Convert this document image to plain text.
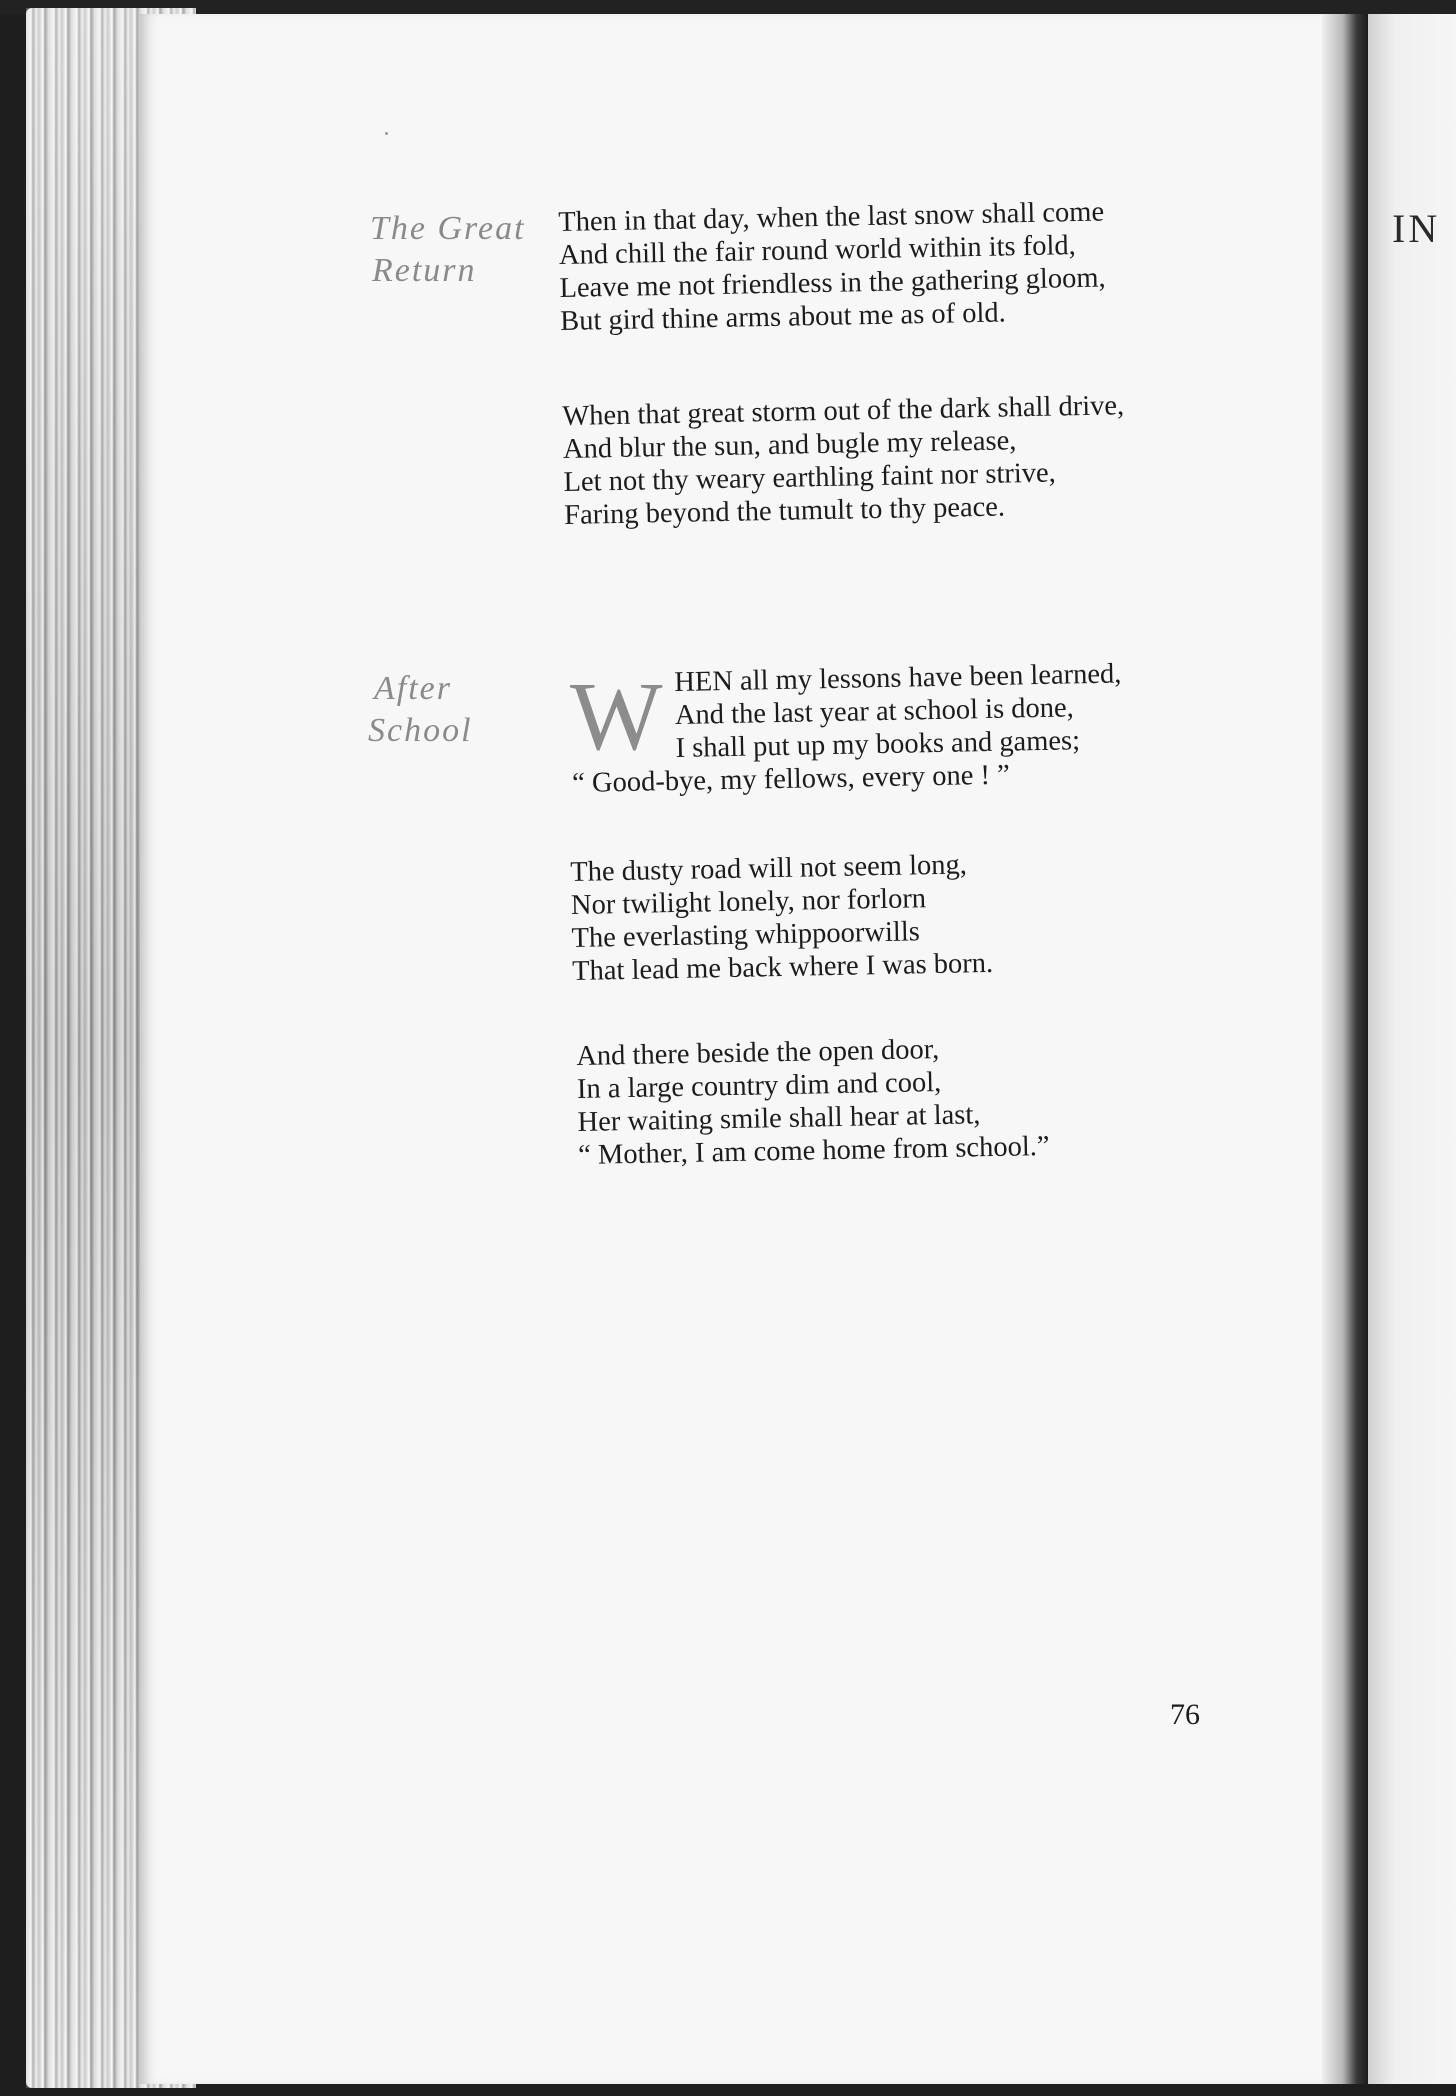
IN
The Great
Return
Then in that day, when the last snow shall come
And chill the fair round world within its fold,
Leave me not friendless in the gathering gloom,
But gird thine arms about me as of old.
When that great storm out of the dark shall drive,
And blur the sun, and bugle my release,
Let not thy weary earthling faint nor strive,
Faring beyond the tumult to thy peace.
After
School W HEN all my lessons have been learned,
And the last year at school is done,
I shall put up my books and games;
“ Good-bye, my fellows, every one ! ”
The dusty road will not seem long,
Nor twilight lonely, nor forlorn
The everlasting whippoorwills
That lead me back where I was born.
And there beside the open door,
In a large country dim and cool,
Her waiting smile shall hear at last,
“ Mother, I am come home from school.”
76
